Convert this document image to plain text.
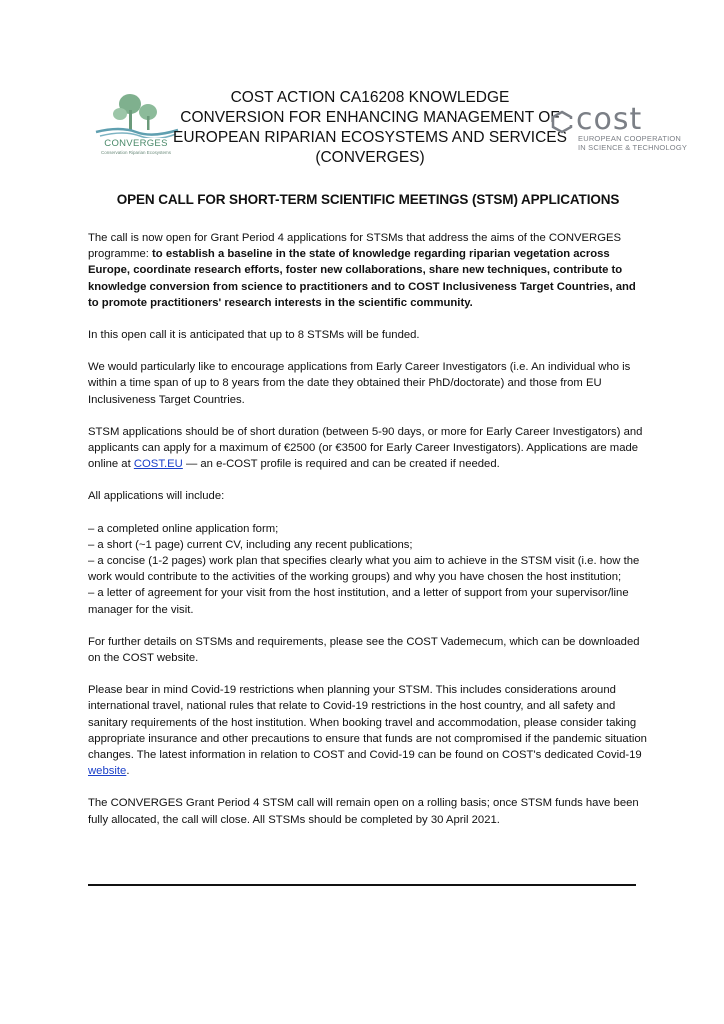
CONVERGES
Conservation Riparian Ecosystems
COST ACTION CA16208 KNOWLEDGE
CONVERSION FOR ENHANCING MANAGEMENT OF
EUROPEAN RIPARIAN ECOSYSTEMS AND SERVICES
(CONVERGES)
cost
EUROPEAN COOPERATION
IN SCIENCE & TECHNOLOGY
OPEN CALL FOR SHORT-TERM SCIENTIFIC MEETINGS (STSM) APPLICATIONS

The call is now open for Grant Period 4 applications for STSMs that address the aims of the CONVERGES programme: to establish a baseline in the state of knowledge regarding riparian vegetation across Europe, coordinate research efforts, foster new collaborations, share new techniques, contribute to knowledge conversion from science to practitioners and to COST Inclusiveness Target Countries, and to promote practitioners' research interests in the scientific community.

In this open call it is anticipated that up to 8 STSMs will be funded.

We would particularly like to encourage applications from Early Career Investigators (i.e. An individual who is within a time span of up to 8 years from the date they obtained their PhD/doctorate) and those from EU Inclusiveness Target Countries.

STSM applications should be of short duration (between 5-90 days, or more for Early Career Investigators) and applicants can apply for a maximum of €2500 (or €3500 for Early Career Investigators). Applications are made online at COST.EU — an e-COST profile is required and can be created if needed.

All applications will include:

– a completed online application form;

– a short (~1 page) current CV, including any recent publications;

– a concise (1-2 pages) work plan that specifies clearly what you aim to achieve in the STSM visit (i.e. how the work would contribute to the activities of the working groups) and why you have chosen the host institution;

– a letter of agreement for your visit from the host institution, and a letter of support from your supervisor/line manager for the visit.

For further details on STSMs and requirements, please see the COST Vademecum, which can be downloaded on the COST website.

Please bear in mind Covid-19 restrictions when planning your STSM. This includes considerations around international travel, national rules that relate to Covid-19 restrictions in the host country, and all safety and sanitary requirements of the host institution. When booking travel and accommodation, please consider taking appropriate insurance and other precautions to ensure that funds are not compromised if the pandemic situation changes. The latest information in relation to COST and Covid-19 can be found on COST's dedicated Covid-19 website.

The CONVERGES Grant Period 4 STSM call will remain open on a rolling basis; once STSM funds have been fully allocated, the call will close. All STSMs should be completed by 30 April 2021.
